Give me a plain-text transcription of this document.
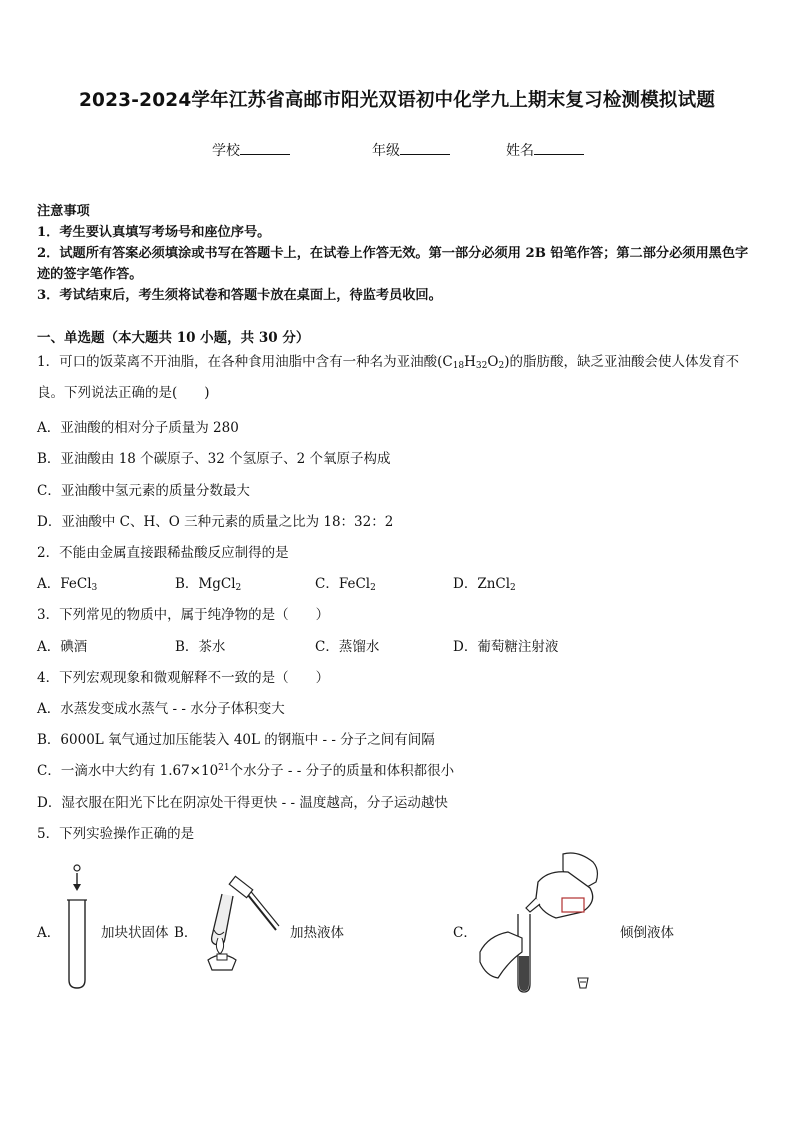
2023-2024学年江苏省高邮市阳光双语初中化学九上期末复习检测模拟试题
学校	年级	姓名

注意事项

1．考生要认真填写考场号和座位序号。

2．试题所有答案必须填涂或书写在答题卡上，在试卷上作答无效。第一部分必须用 2B 铅笔作答；第二部分必须用黑色字迹的签字笔作答。

3．考试结束后，考生须将试卷和答题卡放在桌面上，待监考员收回。

一、单选题（本大题共 10 小题，共 30 分）
1．可口的饭菜离不开油脂，在各种食用油脂中含有一种名为亚油酸$(C_{18}H_{32}O_2)$的脂肪酸，缺乏亚油酸会使人体发育不
良。下列说法正确的是(　　)
A．亚油酸的相对分子质量为 280
B．亚油酸由 18 个碳原子、32 个氢原子、2 个氧原子构成
C．亚油酸中氢元素的质量分数最大
D．亚油酸中 C、H、O 三种元素的质量之比为 18：32：2
2．不能由金属直接跟稀盐酸反应制得的是
A．FeCl$_3$	B．MgCl$_2$	C．FeCl$_2$	D．ZnCl$_2$
3．下列常见的物质中，属于纯净物的是（　　）
A．碘酒	B．茶水	C．蒸馏水	D．葡萄糖注射液
4．下列宏观现象和微观解释不一致的是（　　）
A．水蒸发变成水蒸气 - - 水分子体积变大
B．6000L 氧气通过加压能装入 40L 的钢瓶中 - - 分子之间有间隔
C．一滴水中大约有 $1.67\times 10^{21}$个水分子 - - 分子的质量和体积都很小
D．湿衣服在阳光下比在阴凉处干得更快 - - 温度越高，分子运动越快
5．下列实验操作正确的是
A．	加块状固体 B．	加热液体	C．	倾倒液体
